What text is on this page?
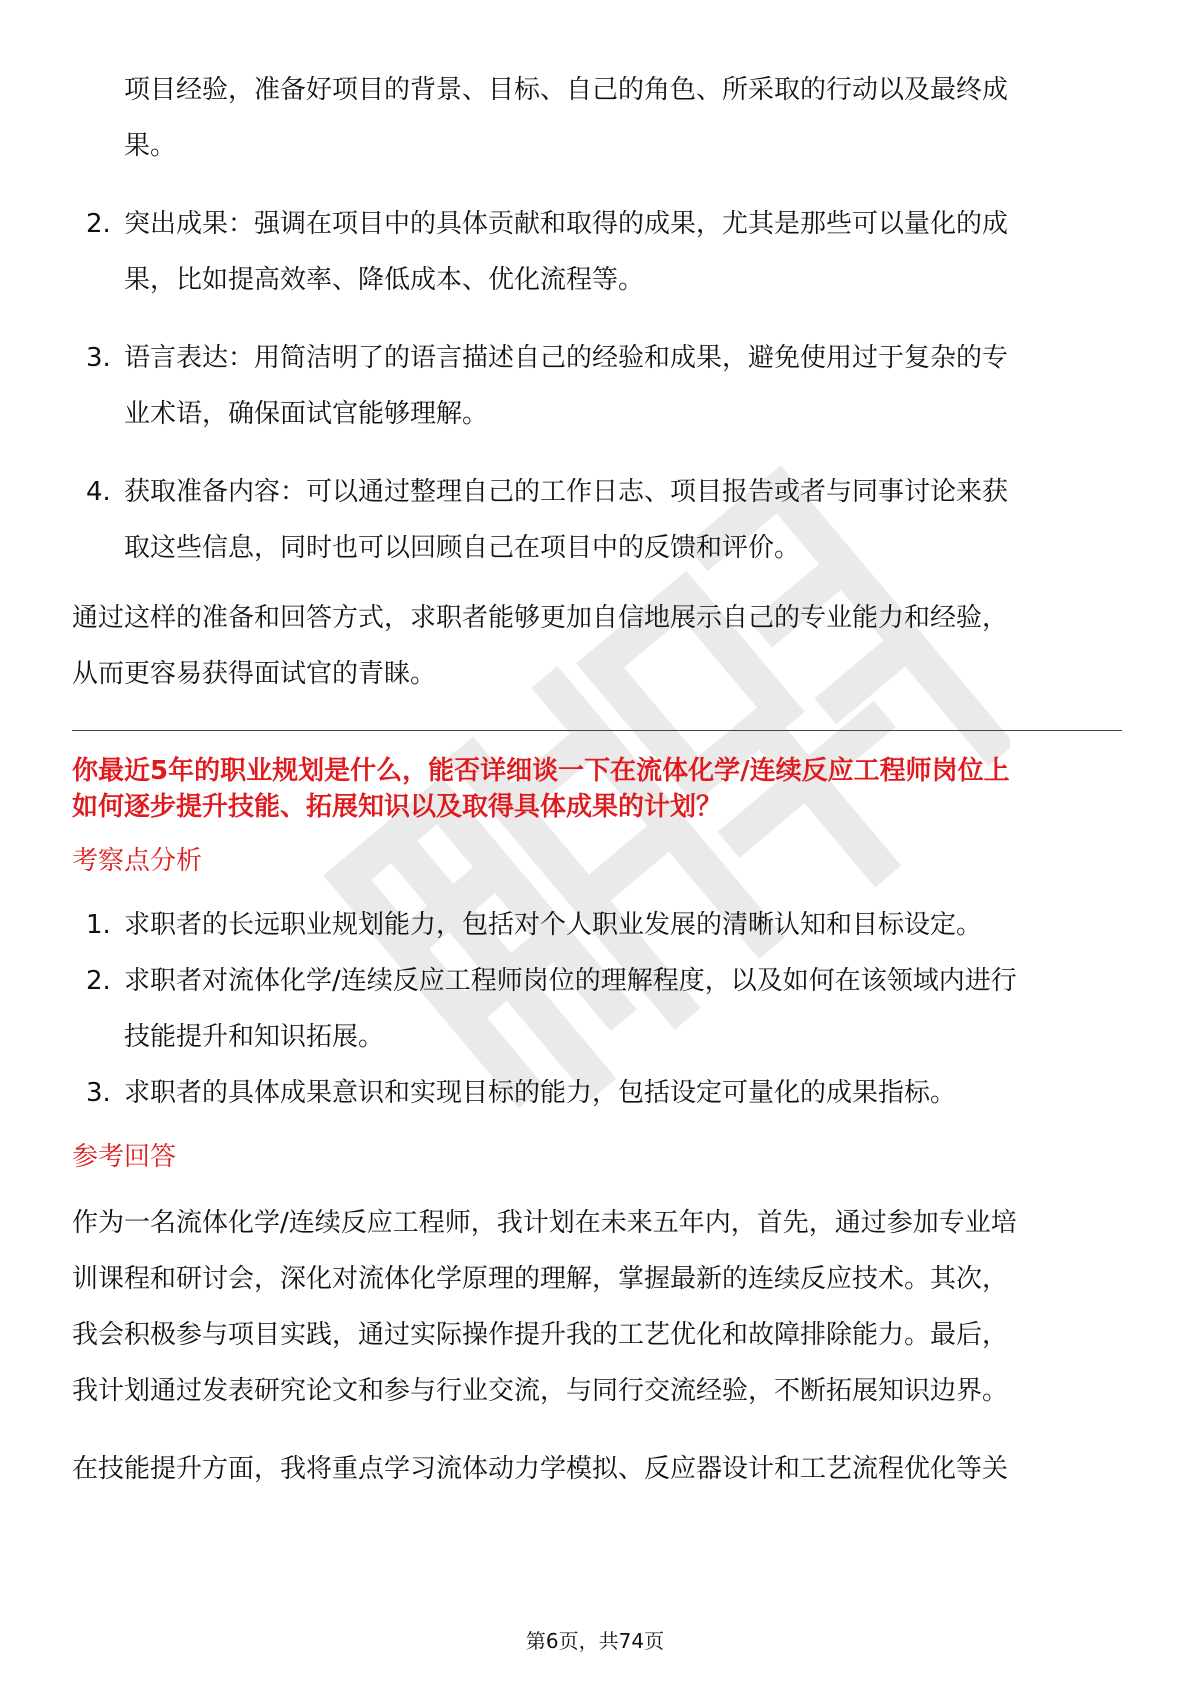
项目经验，准备好项目的背景、目标、自己的角色、所采取的行动以及最终成
果。

2. 突出成果：强调在项目中的具体贡献和取得的成果，尤其是那些可以量化的成
果，比如提高效率、降低成本、优化流程等。
3. 语言表达：用简洁明了的语言描述自己的经验和成果，避免使用过于复杂的专
业术语，确保面试官能够理解。
4. 获取准备内容：可以通过整理自己的工作日志、项目报告或者与同事讨论来获
取这些信息，同时也可以回顾自己在项目中的反馈和评价。

通过这样的准备和回答方式，求职者能够更加自信地展示自己的专业能力和经验，
从而更容易获得面试官的青睐。

你最近5年的职业规划是什么，能否详细谈一下在流体化学/连续反应工程师岗位上
如何逐步提升技能、拓展知识以及取得具体成果的计划？

考察点分析

1. 求职者的长远职业规划能力，包括对个人职业发展的清晰认知和目标设定。
2. 求职者对流体化学/连续反应工程师岗位的理解程度，以及如何在该领域内进行
技能提升和知识拓展。
3. 求职者的具体成果意识和实现目标的能力，包括设定可量化的成果指标。

参考回答

作为一名流体化学/连续反应工程师，我计划在未来五年内，首先，通过参加专业培
训课程和研讨会，深化对流体化学原理的理解，掌握最新的连续反应技术。其次，
我会积极参与项目实践，通过实际操作提升我的工艺优化和故障排除能力。最后，
我计划通过发表研究论文和参与行业交流，与同行交流经验，不断拓展知识边界。

在技能提升方面，我将重点学习流体动力学模拟、反应器设计和工艺流程优化等关

第6页，共74页
